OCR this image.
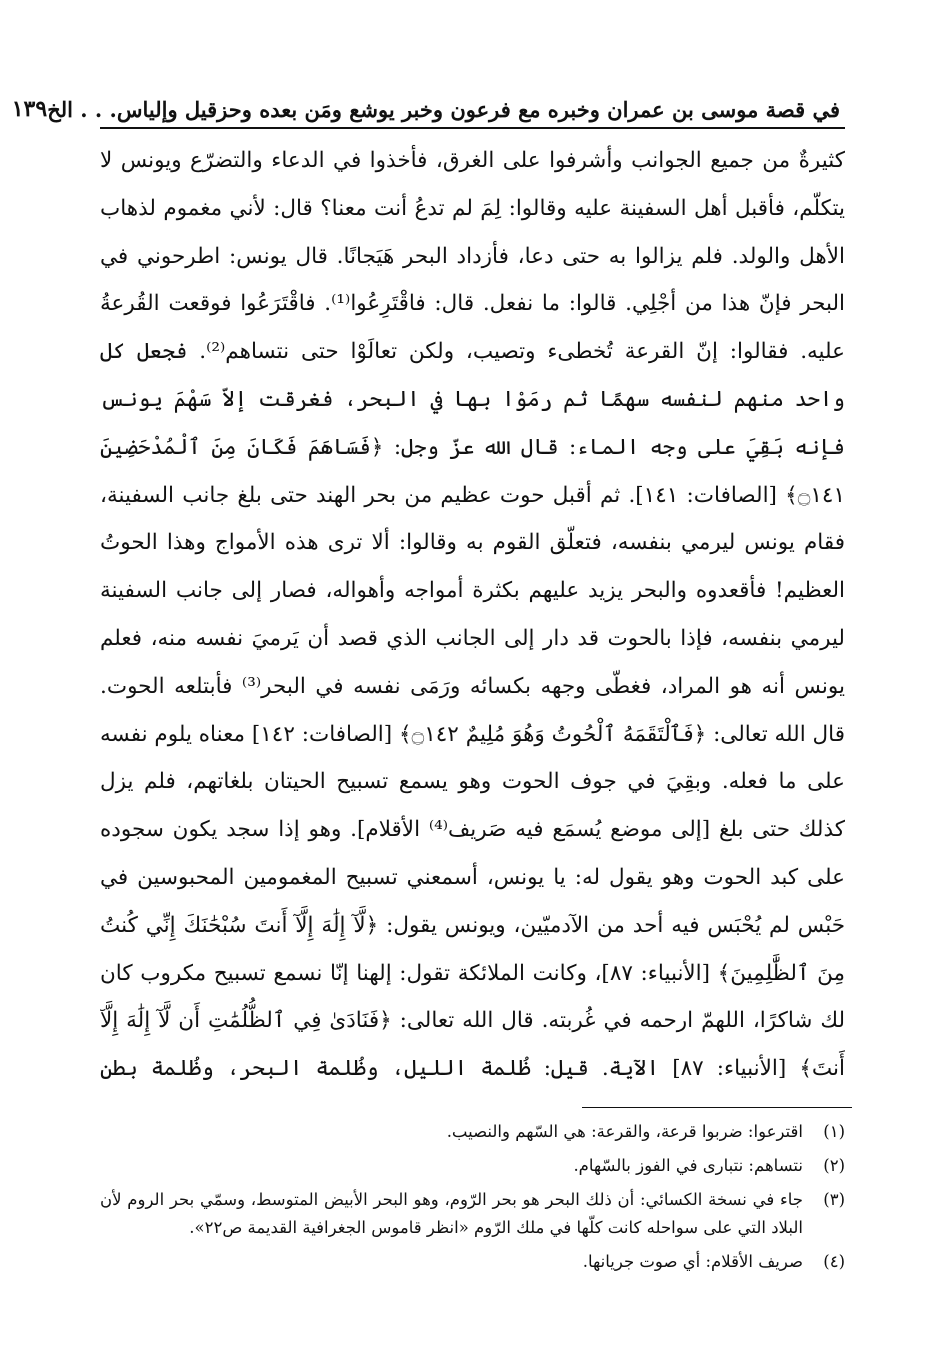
في قصة موسى بن عمران وخبره مع فرعون وخبر يوشع ومَن بعده وحزقيل وإلياس. . . الخ
١٣٩

كثيرةٌ من جميع الجوانب وأشرفوا على الغرق، فأخذوا في الدعاء والتضرّع ويونس لا يتكلّم، فأقبل أهل السفينة عليه وقالوا: لِمَ لم تدعُ أنت معنا؟ قال: لأني مغموم لذهاب الأهل والولد. فلم يزالوا به حتى دعا، فأزداد البحر هَيَجانًا. قال يونس: اطرحوني في البحر فإنّ هذا من أجْلِي. قالوا: ما نفعل. قال: فاقْتَرِعُوا⁽¹⁾. فاقْتَرَعُوا فوقعت القُرعةُ عليه. فقالوا: إنّ القرعة تُخطىء وتصيب، ولكن تعالَوْا حتى نتساهم⁽²⁾. فجعل كل واحد منهم لنفسه سهمًا ثم رمَوْا بها في البحر، فغرقت إلاّ سَهْمَ يونس فإنه بَقِيَ على وجه الماء: قال الله عزّ وجل: ﴿فَسَاهَمَ فَكَانَ مِنَ ٱلْمُدْحَضِينَ ۝١٤١﴾ [الصافات: ١٤١]. ثم أقبل حوت عظيم من بحر الهند حتى بلغ جانب السفينة، فقام يونس ليرمي بنفسه، فتعلّق القوم به وقالوا: ألا ترى هذه الأمواج وهذا الحوتُ العظيم! فأقعدوه والبحر يزيد عليهم بكثرة أمواجه وأهواله، فصار إلى جانب السفينة ليرمي بنفسه، فإذا بالحوت قد دار إلى الجانب الذي قصد أن يَرميَ نفسه منه، فعلم يونس أنه هو المراد، فغطّى وجهه بكسائه ورَمَى نفسه في البحر⁽³⁾ فأبتلعه الحوت. قال الله تعالى: ﴿فَٱلْتَقَمَهُ ٱلْحُوتُ وَهُوَ مُلِيمٌ ۝١٤٢﴾ [الصافات: ١٤٢] معناه يلوم نفسه على ما فعله. وبقِيَ في جوف الحوت وهو يسمع تسبيح الحيتان بلغاتهم، فلم يزل كذلك حتى بلغ [إلى موضع يُسمَع فيه صَريف⁽⁴⁾ الأقلام]. وهو إذا سجد يكون سجوده على كبد الحوت وهو يقول له: يا يونس، أسمعني تسبيح المغمومين المحبوسين في حَبْس لم يُحْبَس فيه أحد من الآدميّين، ويونس يقول: ﴿لَّآ إِلَٰهَ إِلَّآ أَنتَ سُبْحَٰنَكَ إِنِّي كُنتُ مِنَ ٱلظَّٰلِمِينَ﴾ [الأنبياء: ٨٧]، وكانت الملائكة تقول: إلهنا إنّا نسمع تسبيح مكروب كان لك شاكرًا، اللهمّ ارحمه في غُربته. قال الله تعالى: ﴿فَنَادَىٰ فِي ٱلظُّلُمَٰتِ أَن لَّآ إِلَٰهَ إِلَّآ أَنتَ﴾ [الأنبياء: ٨٧] الآية. قيل: ظُلمة الليل، وظُلمة البحر، وظُلمة بطن

(١)
اقترعوا: ضربوا قرعة، والقرعة: هي السّهم والنصيب.
(٢)
نتساهم: نتبارى في الفوز بالسّهام.
(٣)
جاء في نسخة الكسائي: أن ذلك البحر هو بحر الرّوم، وهو البحر الأبيض المتوسط، وسمّي بحر الروم لأن البلاد التي على سواحله كانت كلّها في ملك الرّوم «انظر قاموس الجغرافية القديمة ص٢٢».
(٤)
صريف الأقلام: أي صوت جريانها.
